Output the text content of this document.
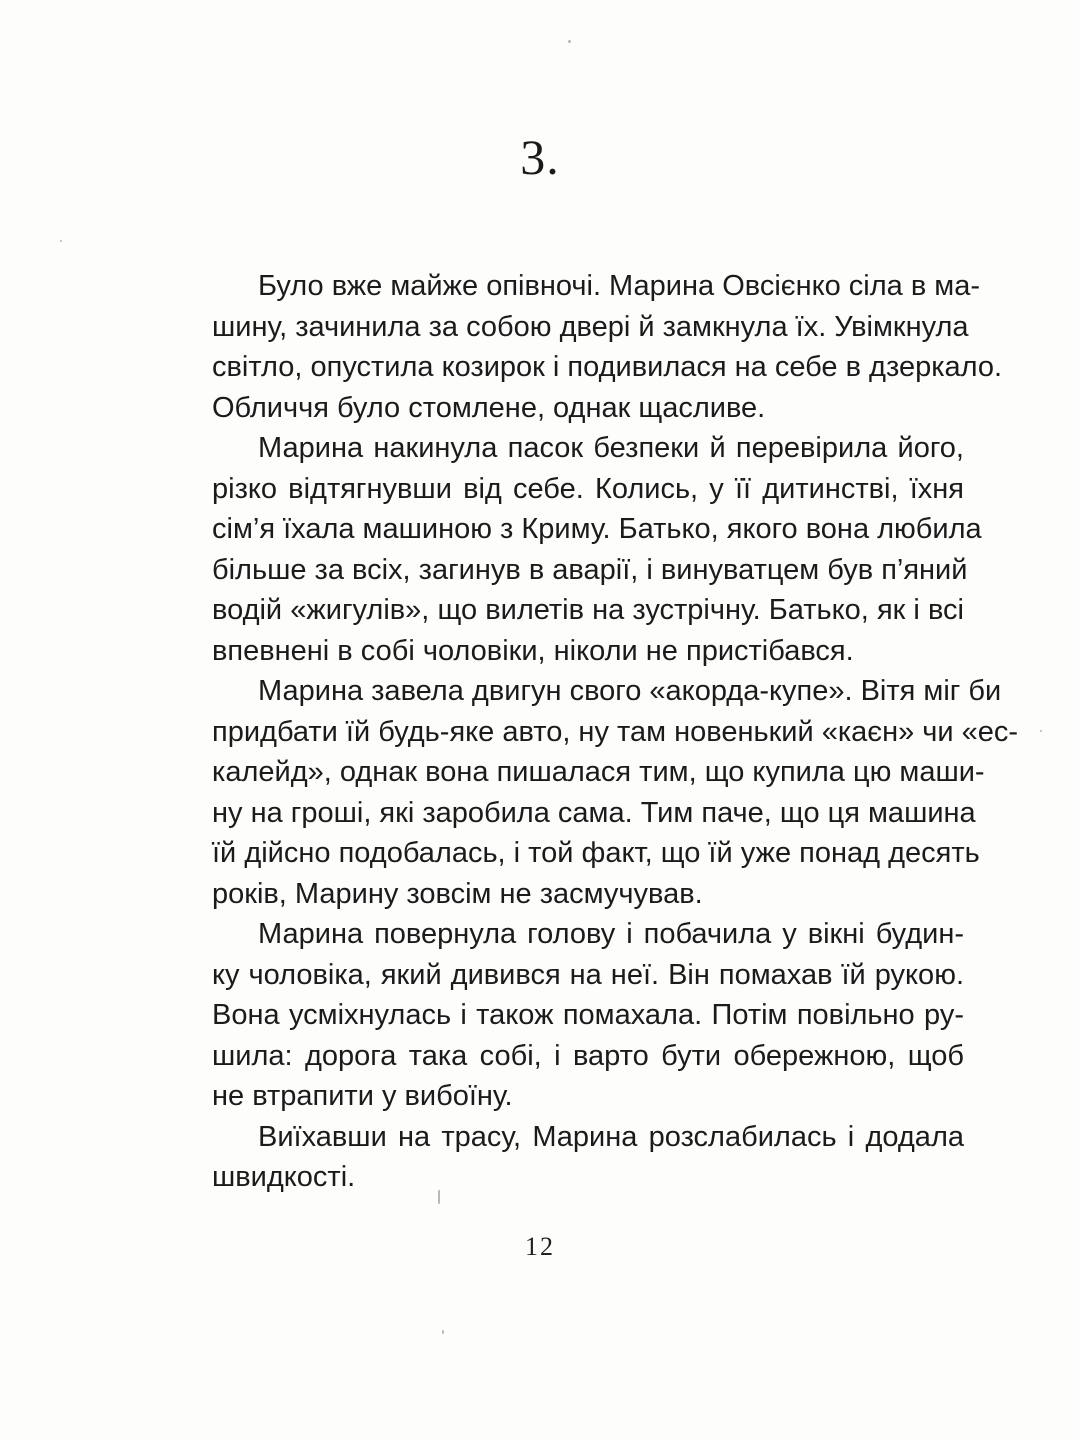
3.
Було вже майже опівночі. Марина Овсієнко сіла в ма-
шину, зачинила за собою двері й замкнула їх. Увімкнула
світло, опустила козирок і подивилася на себе в дзеркало.
Обличчя було стомлене, однак щасливе.
Марина накинула пасок безпеки й перевірила його,
різко відтягнувши від себе. Колись, у її дитинстві, їхня
сім’я їхала машиною з Криму. Батько, якого вона любила
більше за всіх, загинув в аварії, і винуватцем був п’яний
водій «жигулів», що вилетів на зустрічну. Батько, як і всі
впевнені в собі чоловіки, ніколи не пристібався.
Марина завела двигун свого «акорда-купе». Вітя міг би
придбати їй будь-яке авто, ну там новенький «каєн» чи «ес-
калейд», однак вона пишалася тим, що купила цю маши-
ну на гроші, які заробила сама. Тим паче, що ця машина
їй дійсно подобалась, і той факт, що їй уже понад десять
років, Марину зовсім не засмучував.
Марина повернула голову і побачила у вікні будин-
ку чоловіка, який дивився на неї. Він помахав їй рукою.
Вона усміхнулась і також помахала. Потім повільно ру-
шила: дорога така собі, і варто бути обережною, щоб
не втрапити у вибоїну.
Виїхавши на трасу, Марина розслабилась і додала
швидкості.
12
